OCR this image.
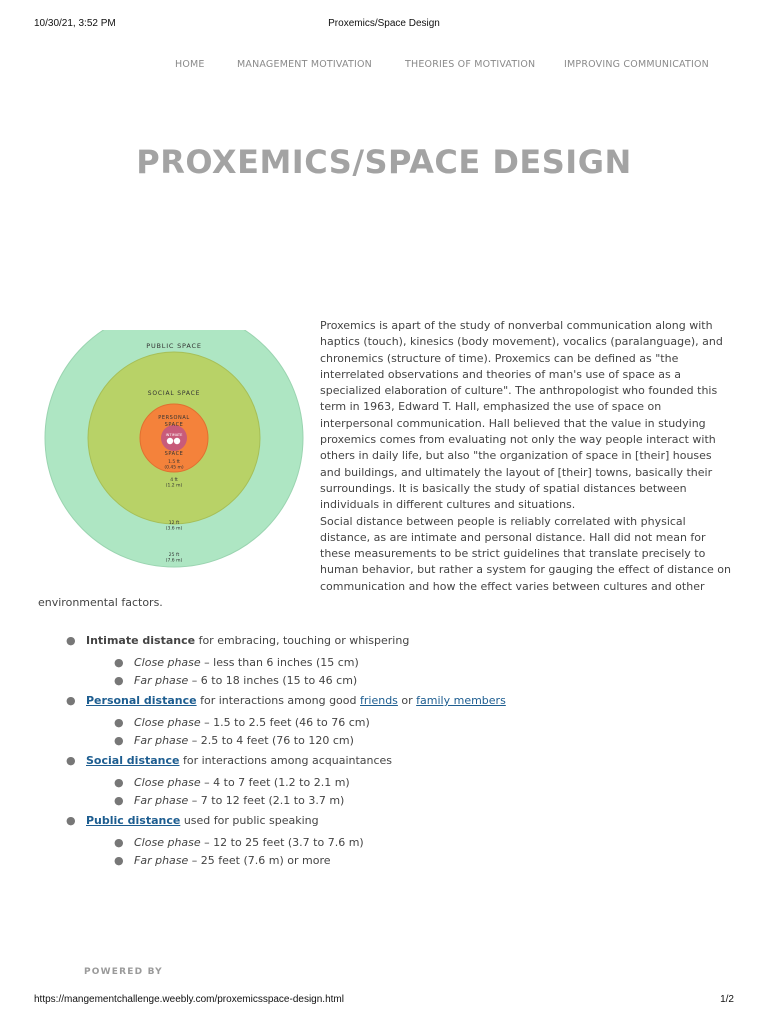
10/30/21, 3:52 PM	Proxemics/Space Design
HOME	MANAGEMENT MOTIVATION	THEORIES OF MOTIVATION	IMPROVING COMMUNICATION
PROXEMICS/SPACE DESIGN
PUBLIC SPACE
SOCIAL SPACE
PERSONAL
SPACE
INTIMATE
SPACE
1.5 ft
(0.45 m)
4 ft
(1.2 m)
12 ft
(3.6 m)
25 ft
(7.6 m)

Proxemics is apart of the study of nonverbal communication along with haptics (touch), kinesics (body movement), vocalics (paralanguage), and chronemics (structure of time). Proxemics can be defined as "the interrelated observations and theories of man's use of space as a specialized elaboration of culture". The anthropologist who founded this term in 1963, Edward T. Hall, emphasized the use of space on interpersonal communication. Hall believed that the value in studying proxemics comes from evaluating not only the way people interact with others in daily life, but also "the organization of space in [their] houses and buildings, and ultimately the layout of [their] towns, basically their surroundings. It is basically the study of spatial distances between individuals in different cultures and situations.

Social distance between people is reliably correlated with physical distance, as are intimate and personal distance. Hall did not mean for these measurements to be strict guidelines that translate precisely to human behavior, but rather a system for gauging the effect of distance on communication and how the effect varies between cultures and other

environmental factors.
● Intimate distance for embracing, touching or whispering
● Close phase – less than 6 inches (15 cm)
● Far phase – 6 to 18 inches (15 to 46 cm)
● Personal distance for interactions among good friends or family members
● Close phase – 1.5 to 2.5 feet (46 to 76 cm)
● Far phase – 2.5 to 4 feet (76 to 120 cm)
● Social distance for interactions among acquaintances
● Close phase – 4 to 7 feet (1.2 to 2.1 m)
● Far phase – 7 to 12 feet (2.1 to 3.7 m)
● Public distance used for public speaking
● Close phase – 12 to 25 feet (3.7 to 7.6 m)
● Far phase – 25 feet (7.6 m) or more
POWERED BY
https://mangementchallenge.weebly.com/proxemicsspace-design.html	1/2
